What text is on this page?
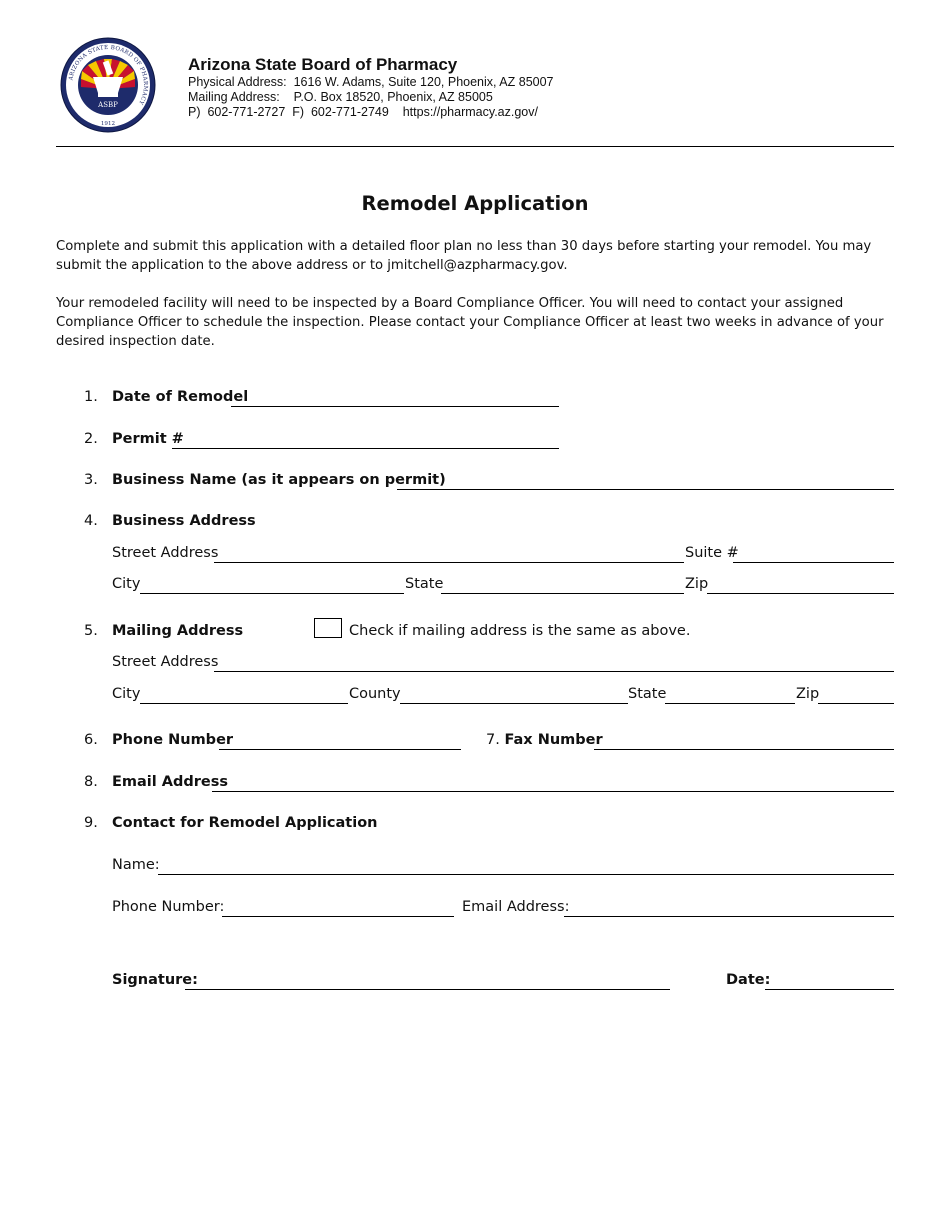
ASBP
ARIZONA STATE BOARD OF PHARMACY
1912
Arizona State Board of Pharmacy
Physical Address:  1616 W. Adams, Suite 120, Phoenix, AZ 85007
Mailing Address:    P.O. Box 18520, Phoenix, AZ 85005
P)  602-771-2727  F)  602-771-2749    https://pharmacy.az.gov/
Remodel Application
Complete and submit this application with a detailed floor plan no less than 30 days before starting your remodel. You may submit the application to the above address or to jmitchell@azpharmacy.gov.
Your remodeled facility will need to be inspected by a Board Compliance Officer. You will need to contact your assigned Compliance Officer to schedule the inspection. Please contact your Compliance Officer at least two weeks in advance of your desired inspection date.
1. Date of Remodel
2. Permit #
3. Business Name (as it appears on permit)
4. Business Address
Street Address	Suite #
City	State	Zip
5. Mailing Address	Check if mailing address is the same as above.
Street Address
City	County	State	Zip
6. Phone Number	7. Fax Number
8. Email Address
9. Contact for Remodel Application
Name:
Phone Number:	Email Address:
Signature:	Date:
